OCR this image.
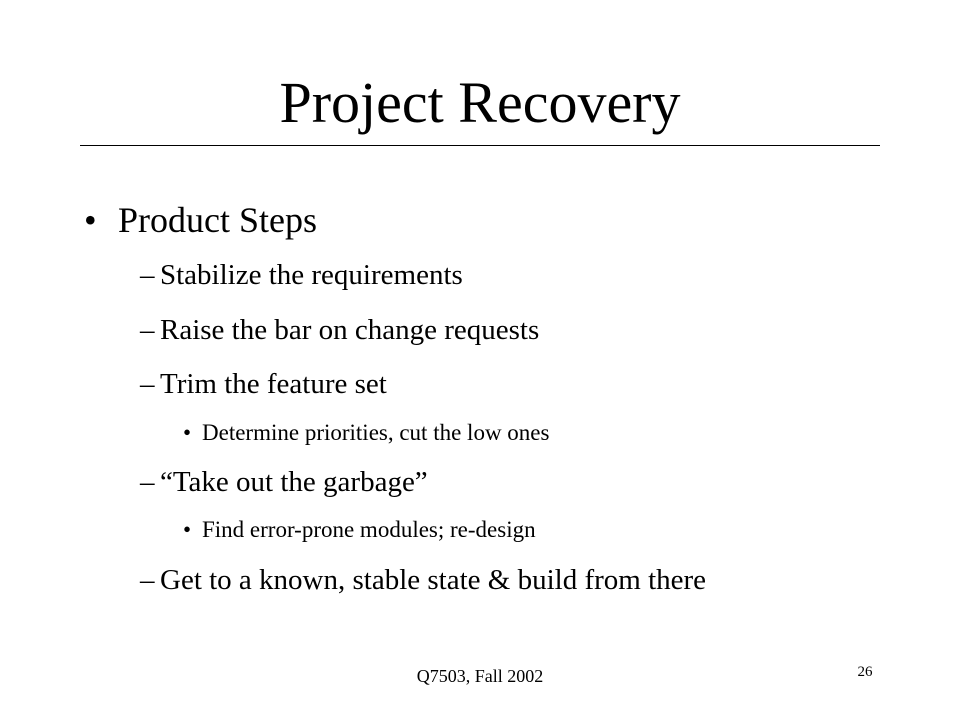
Project Recovery
• Product Steps
– Stabilize the requirements
– Raise the bar on change requests
– Trim the feature set
• Determine priorities, cut the low ones
– “Take out the garbage”
• Find error-prone modules; re-design
– Get to a known, stable state & build from there
Q7503, Fall 2002	26
